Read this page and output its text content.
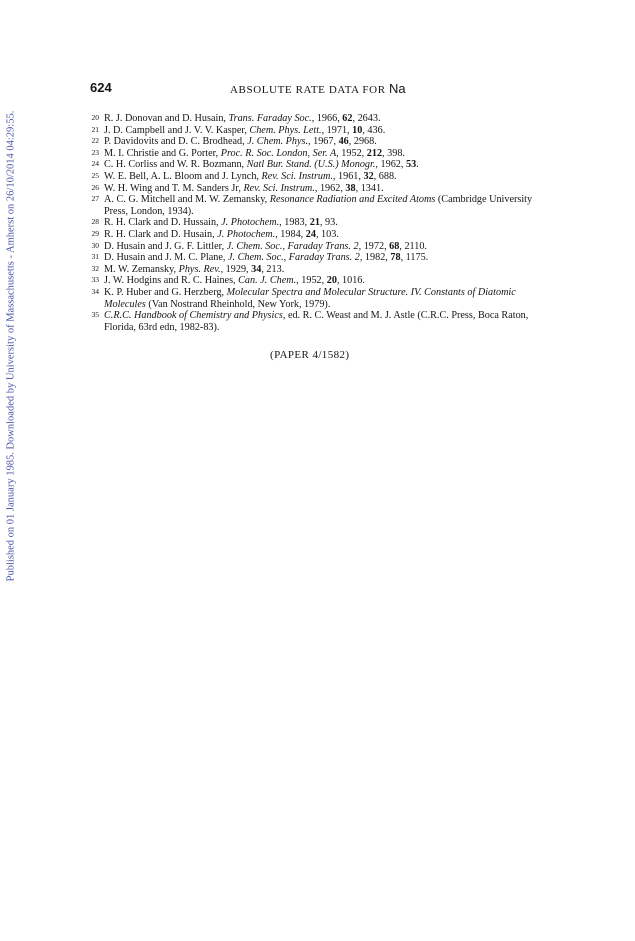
Published on 01 January 1985. Downloaded by University of Massachusetts - Amherst on 26/10/2014 04:29:55.
624	ABSOLUTE RATE DATA FOR Na
20 R. J. Donovan and D. Husain, Trans. Faraday Soc., 1966, 62, 2643.
21 J. D. Campbell and J. V. V. Kasper, Chem. Phys. Lett., 1971, 10, 436.
22 P. Davidovits and D. C. Brodhead, J. Chem. Phys., 1967, 46, 2968.
23 M. I. Christie and G. Porter, Proc. R. Soc. London, Ser. A, 1952, 212, 398.
24 C. H. Corliss and W. R. Bozmann, Natl Bur. Stand. (U.S.) Monogr., 1962, 53.
25 W. E. Bell, A. L. Bloom and J. Lynch, Rev. Sci. Instrum., 1961, 32, 688.
26 W. H. Wing and T. M. Sanders Jr, Rev. Sci. Instrum., 1962, 38, 1341.
27 A. C. G. Mitchell and M. W. Zemansky, Resonance Radiation and Excited Atoms (Cambridge University Press, London, 1934).
28 R. H. Clark and D. Hussain, J. Photochem., 1983, 21, 93.
29 R. H. Clark and D. Husain, J. Photochem., 1984, 24, 103.
30 D. Husain and J. G. F. Littler, J. Chem. Soc., Faraday Trans. 2, 1972, 68, 2110.
31 D. Husain and J. M. C. Plane, J. Chem. Soc., Faraday Trans. 2, 1982, 78, 1175.
32 M. W. Zemansky, Phys. Rev., 1929, 34, 213.
33 J. W. Hodgins and R. C. Haines, Can. J. Chem., 1952, 20, 1016.
34 K. P. Huber and G. Herzberg, Molecular Spectra and Molecular Structure. IV. Constants of Diatomic Molecules (Van Nostrand Rheinhold, New York, 1979).
35 C.R.C. Handbook of Chemistry and Physics, ed. R. C. Weast and M. J. Astle (C.R.C. Press, Boca Raton, Florida, 63rd edn, 1982-83).
(PAPER 4/1582)
